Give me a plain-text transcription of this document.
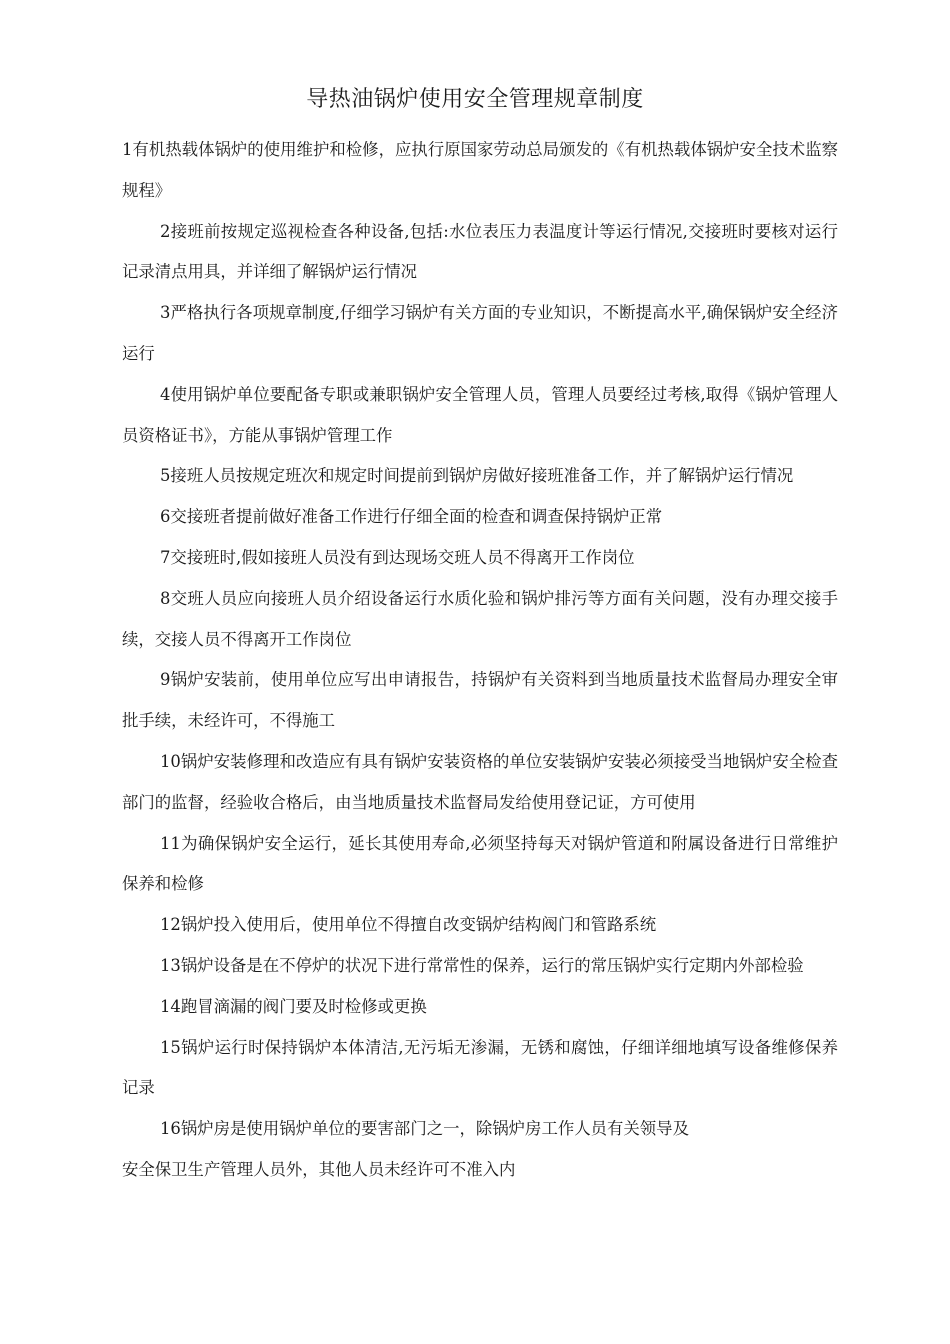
导热油锅炉使用安全管理规章制度

1有机热载体锅炉的使用维护和检修，应执行原国家劳动总局颁发的《有机热载体锅炉安全技术监察规程》

2接班前按规定巡视检查各种设备,包括:水位表压力表温度计等运行情况,交接班时要核对运行记录清点用具，并详细了解锅炉运行情况

3严格执行各项规章制度,仔细学习锅炉有关方面的专业知识，不断提高水平,确保锅炉安全经济运行

4使用锅炉单位要配备专职或兼职锅炉安全管理人员，管理人员要经过考核,取得《锅炉管理人员资格证书》，方能从事锅炉管理工作

5接班人员按规定班次和规定时间提前到锅炉房做好接班准备工作，并了解锅炉运行情况

6交接班者提前做好准备工作进行仔细全面的检查和调查保持锅炉正常

7交接班时,假如接班人员没有到达现场交班人员不得离开工作岗位

8交班人员应向接班人员介绍设备运行水质化验和锅炉排污等方面有关问题，没有办理交接手续，交接人员不得离开工作岗位

9锅炉安装前，使用单位应写出申请报告，持锅炉有关资料到当地质量技术监督局办理安全审批手续，未经许可，不得施工

10锅炉安装修理和改造应有具有锅炉安装资格的单位安装锅炉安装必须接受当地锅炉安全检查部门的监督，经验收合格后，由当地质量技术监督局发给使用登记证，方可使用

11为确保锅炉安全运行，延长其使用寿命,必须坚持每天对锅炉管道和附属设备进行日常维护保养和检修

12锅炉投入使用后，使用单位不得擅自改变锅炉结构阀门和管路系统

13锅炉设备是在不停炉的状况下进行常常性的保养，运行的常压锅炉实行定期内外部检验

14跑冒滴漏的阀门要及时检修或更换

15锅炉运行时保持锅炉本体清洁,无污垢无渗漏，无锈和腐蚀，仔细详细地填写设备维修保养记录

16锅炉房是使用锅炉单位的要害部门之一，除锅炉房工作人员有关领导及
安全保卫生产管理人员外，其他人员未经许可不准入内
